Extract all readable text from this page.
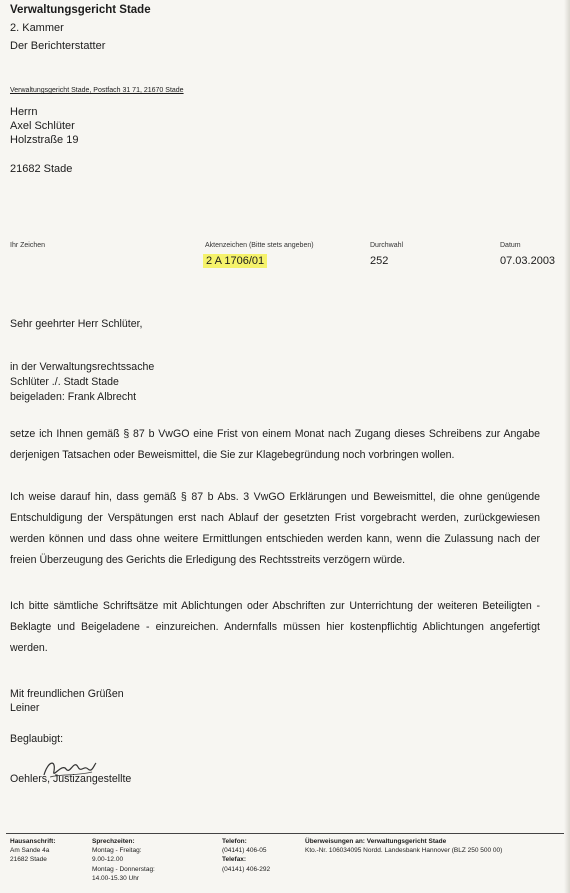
Verwaltungsgericht Stade
2. Kammer
Der Berichterstatter
Verwaltungsgericht Stade, Postfach 31 71, 21670 Stade
Herrn
Axel Schlüter
Holzstraße 19
21682 Stade
Ihr Zeichen	Aktenzeichen (Bitte stets angeben)
2 A 1706/01
Durchwahl
252
Datum
07.03.2003
Sehr geehrter Herr Schlüter,
in der Verwaltungsrechtssache
Schlüter ./. Stadt Stade
beigeladen: Frank Albrecht
setze ich Ihnen gemäß § 87 b VwGO eine Frist von einem Monat nach Zugang dieses Schreibens zur Angabe derjenigen Tatsachen oder Beweismittel, die Sie zur Klagebegründung noch vorbringen wollen.
Ich weise darauf hin, dass gemäß § 87 b Abs. 3 VwGO Erklärungen und Beweismittel, die ohne genügende Entschuldigung der Verspätungen erst nach Ablauf der gesetzten Frist vorgebracht werden, zurückgewiesen werden können und dass ohne weitere Ermittlungen entschieden werden kann, wenn die Zulassung nach der freien Überzeugung des Gerichts die Erledigung des Rechtsstreits verzögern würde.
Ich bitte sämtliche Schriftsätze mit Ablichtungen oder Abschriften zur Unterrichtung der weiteren Beteiligten - Beklagte und Beigeladene - einzureichen. Andernfalls müssen hier kostenpflichtig Ablichtungen angefertigt werden.
Mit freundlichen Grüßen
Leiner
Beglaubigt:
Oehlers, Justizangestellte
Hausanschrift:
Am Sande 4a
21682 Stade
Sprechzeiten:
Montag - Freitag:
9.00-12.00
Montag - Donnerstag:
14.00-15.30 Uhr
Telefon:
(04141) 406-05
Telefax:
(04141) 406-292
Überweisungen an: Verwaltungsgericht Stade
Kto.-Nr. 106034095 Nordd. Landesbank Hannover (BLZ 250 500 00)
